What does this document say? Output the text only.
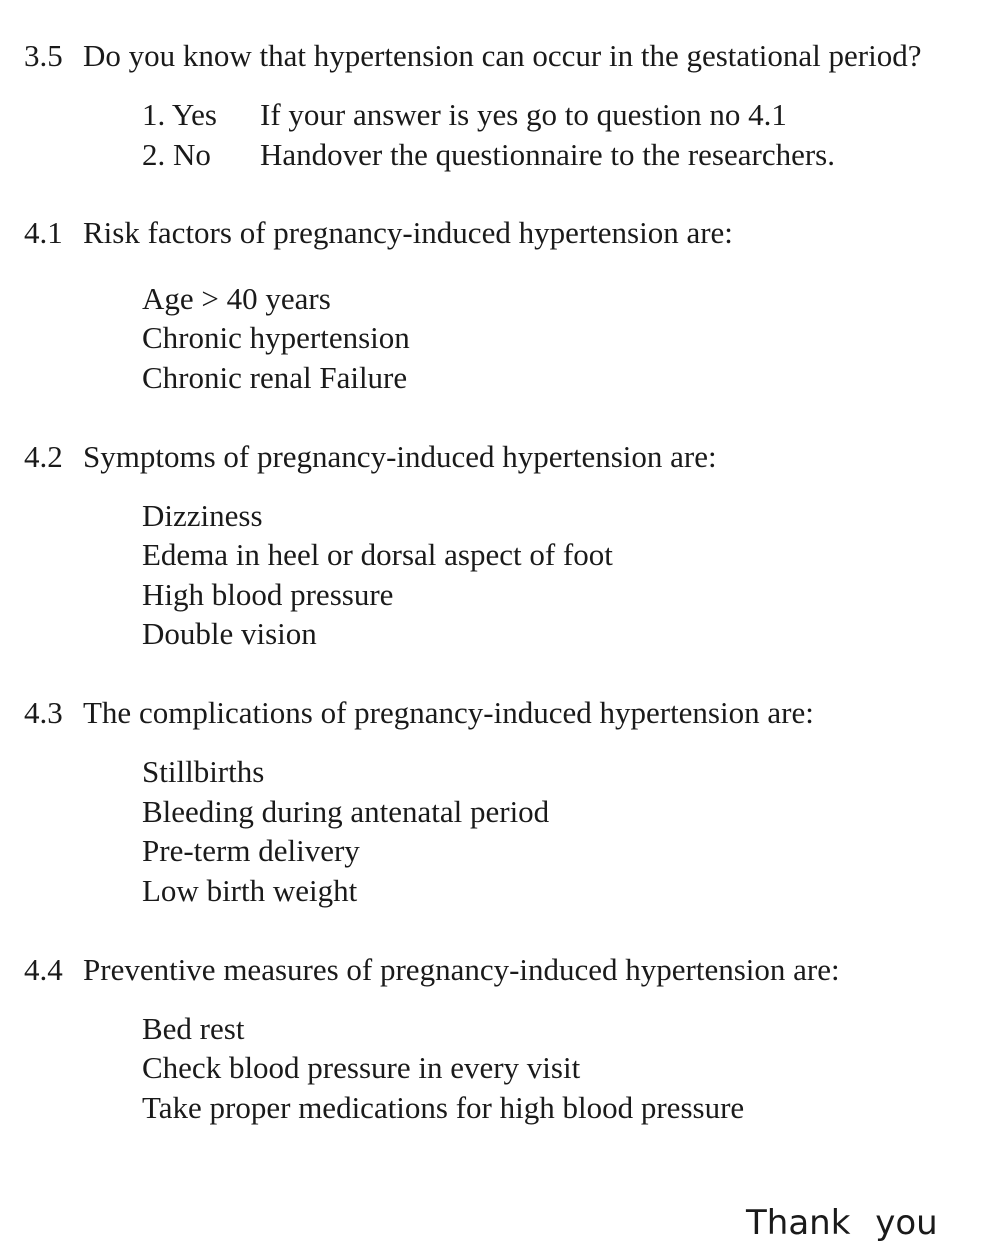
3.5 Do you know that hypertension can occur in the gestational period?
1. Yes If your answer is yes go to question no 4.1
2. No Handover the questionnaire to the researchers.
4.1 Risk factors of pregnancy-induced hypertension are:
Age > 40 years
Chronic hypertension
Chronic renal Failure
4.2 Symptoms of pregnancy-induced hypertension are:
Dizziness
Edema in heel or dorsal aspect of foot
High blood pressure
Double vision
4.3 The complications of pregnancy-induced hypertension are:
Stillbirths
Bleeding during antenatal period
Pre-term delivery
Low birth weight
4.4 Preventive measures of pregnancy-induced hypertension are:
Bed rest
Check blood pressure in every visit
Take proper medications for high blood pressure
Thank you
